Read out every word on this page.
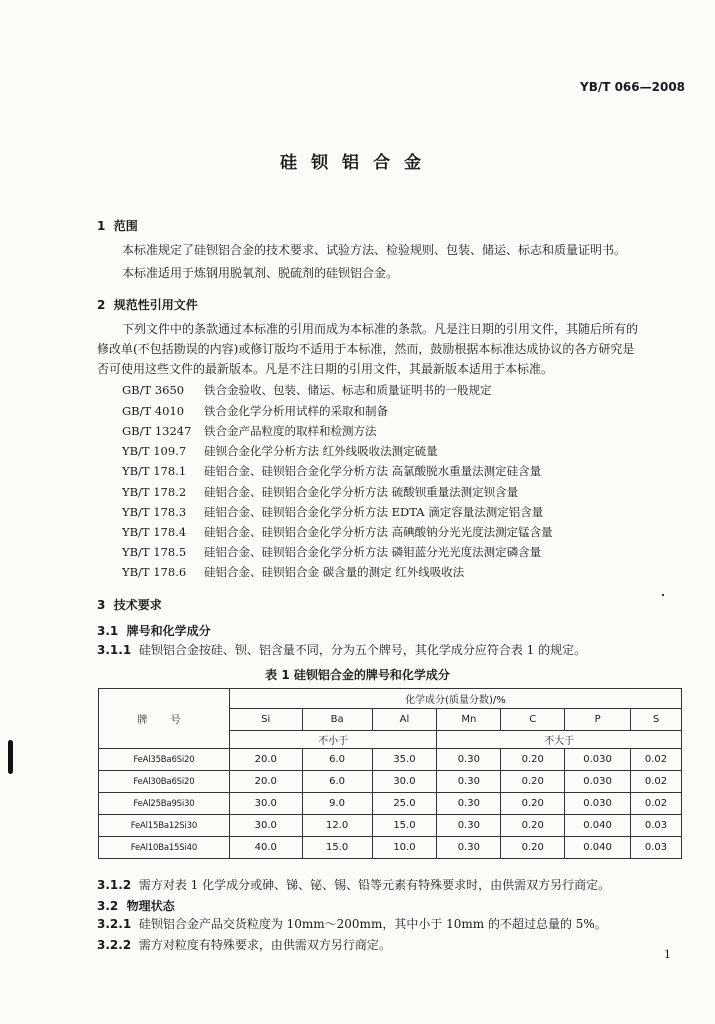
YB/T 066—2008
硅钡铝合金
1 范围
本标准规定了硅钡铝合金的技术要求、试验方法、检验规则、包装、储运、标志和质量证明书。
本标准适用于炼钢用脱氧剂、脱硫剂的硅钡铝合金。
2 规范性引用文件
下列文件中的条款通过本标准的引用而成为本标准的条款。凡是注日期的引用文件，其随后所有的
修改单(不包括勘误的内容)或修订版均不适用于本标准，然而，鼓励根据本标准达成协议的各方研究是
否可使用这些文件的最新版本。凡是不注日期的引用文件，其最新版本适用于本标准。
GB/T 3650 铁合金验收、包装、储运、标志和质量证明书的一般规定
GB/T 4010 铁合金化学分析用试样的采取和制备
GB/T 13247 铁合金产品粒度的取样和检测方法
YB/T 109.7 硅钡合金化学分析方法 红外线吸收法测定硫量
YB/T 178.1 硅铝合金、硅钡铝合金化学分析方法 高氯酸脱水重量法测定硅含量
YB/T 178.2 硅铝合金、硅钡铝合金化学分析方法 硫酸钡重量法测定钡含量
YB/T 178.3 硅铝合金、硅钡铝合金化学分析方法 EDTA 滴定容量法测定铝含量
YB/T 178.4 硅铝合金、硅钡铝合金化学分析方法 高碘酸钠分光光度法测定锰含量
YB/T 178.5 硅铝合金、硅钡铝合金化学分析方法 磷钼蓝分光光度法测定磷含量
YB/T 178.6 硅铝合金、硅钡铝合金 碳含量的测定 红外线吸收法
3 技术要求
3.1 牌号和化学成分
3.1.1 硅钡铝合金按硅、钡、铝含量不同，分为五个牌号，其化学成分应符合表 1 的规定。
表 1 硅钡铝合金的牌号和化学成分
牌 号	化学成分(质量分数)/%						
	Si	Ba	Al	Mn	C	P	S
	不小于			不大于			
FeAl35Ba6Si20	20.0	6.0	35.0	0.30	0.20	0.030	0.02
FeAl30Ba6Si20	20.0	6.0	30.0	0.30	0.20	0.030	0.02
FeAl25Ba9Si30	30.0	9.0	25.0	0.30	0.20	0.030	0.02
FeAl15Ba12Si30	30.0	12.0	15.0	0.30	0.20	0.040	0.03
FeAl10Ba15Si40	40.0	15.0	10.0	0.30	0.20	0.040	0.03
3.1.2 需方对表 1 化学成分或砷、锑、铋、锡、铅等元素有特殊要求时，由供需双方另行商定。
3.2 物理状态
3.2.1 硅钡铝合金产品交货粒度为 10mm～200mm，其中小于 10mm 的不超过总量的 5%。
3.2.2 需方对粒度有特殊要求，由供需双方另行商定。
1
